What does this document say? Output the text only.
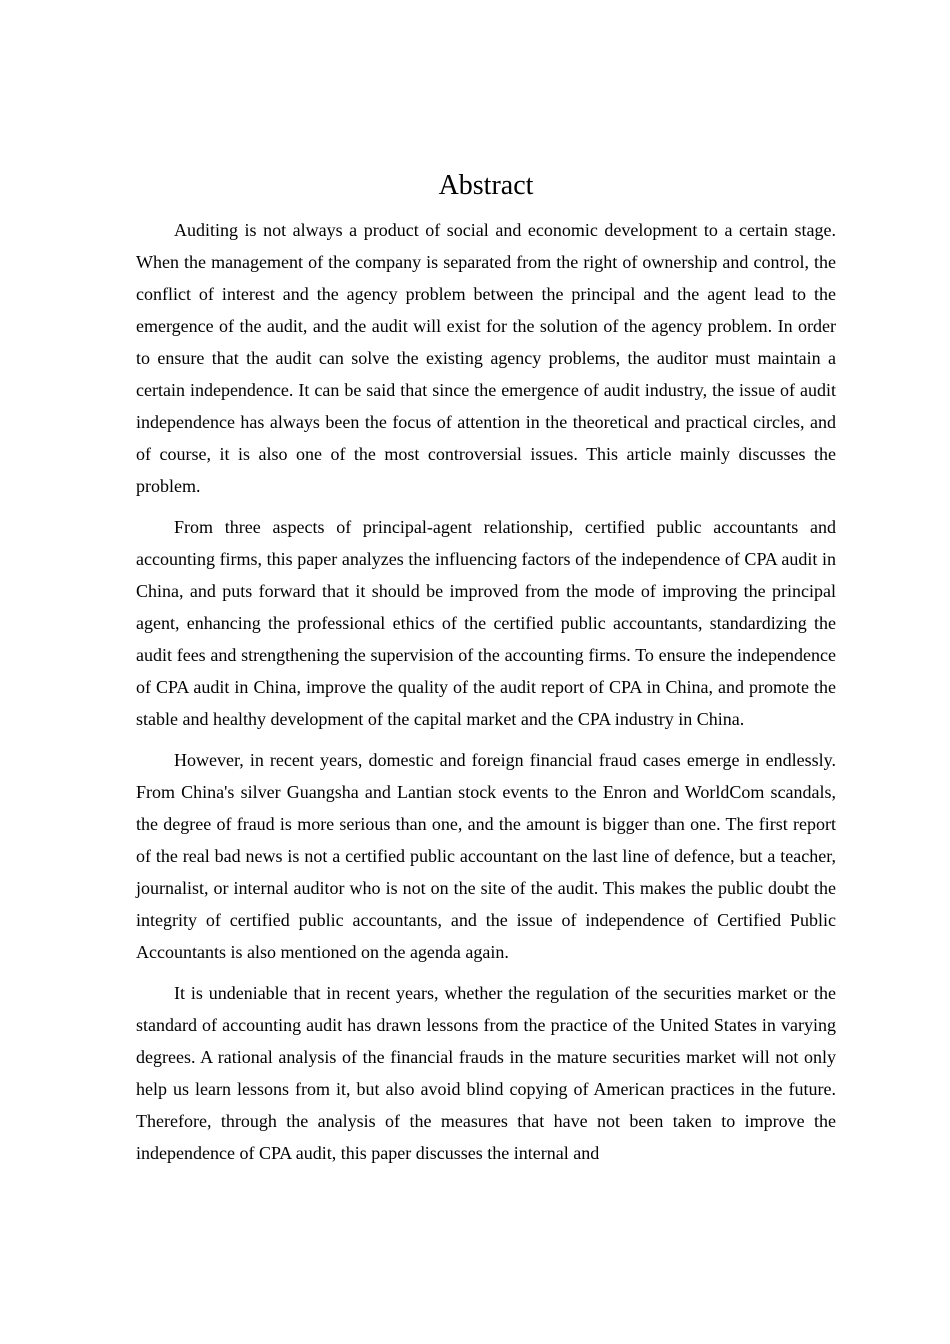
Abstract

Auditing is not always a product of social and economic development to a certain stage. When the management of the company is separated from the right of ownership and control, the conflict of interest and the agency problem between the principal and the agent lead to the emergence of the audit, and the audit will exist for the solution of the agency problem. In order to ensure that the audit can solve the existing agency problems, the auditor must maintain a certain independence. It can be said that since the emergence of audit industry, the issue of audit independence has always been the focus of attention in the theoretical and practical circles, and of course, it is also one of the most controversial issues. This article mainly discusses the problem.

From three aspects of principal-agent relationship, certified public accountants and accounting firms, this paper analyzes the influencing factors of the independence of CPA audit in China, and puts forward that it should be improved from the mode of improving the principal agent, enhancing the professional ethics of the certified public accountants, standardizing the audit fees and strengthening the supervision of the accounting firms. To ensure the independence of CPA audit in China, improve the quality of the audit report of CPA in China, and promote the stable and healthy development of the capital market and the CPA industry in China.

However, in recent years, domestic and foreign financial fraud cases emerge in endlessly. From China's silver Guangsha and Lantian stock events to the Enron and WorldCom scandals, the degree of fraud is more serious than one, and the amount is bigger than one. The first report of the real bad news is not a certified public accountant on the last line of defence, but a teacher, journalist, or internal auditor who is not on the site of the audit. This makes the public doubt the integrity of certified public accountants, and the issue of independence of Certified Public Accountants is also mentioned on the agenda again.

It is undeniable that in recent years, whether the regulation of the securities market or the standard of accounting audit has drawn lessons from the practice of the United States in varying degrees. A rational analysis of the financial frauds in the mature securities market will not only help us learn lessons from it, but also avoid blind copying of American practices in the future. Therefore, through the analysis of the measures that have not been taken to improve the independence of CPA audit, this paper discusses the internal and
